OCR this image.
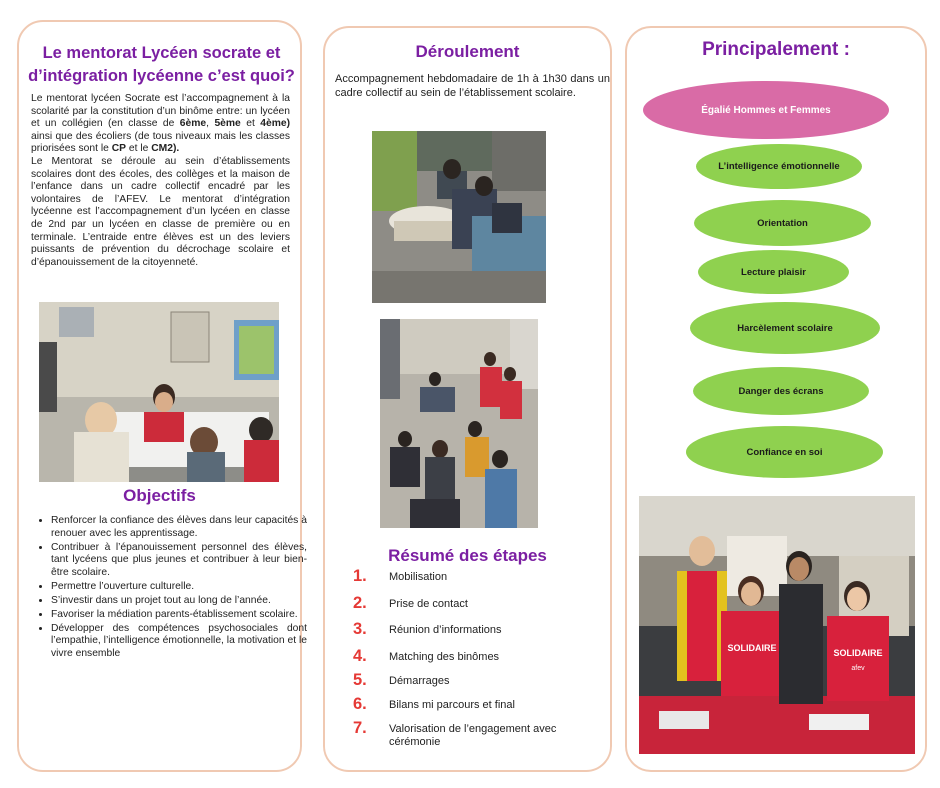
Le mentorat Lycéen socrate et d’intégration lycéenne c’est quoi?

Le mentorat lycéen Socrate est l’accompagnement à la scolarité par la constitution d’un binôme entre: un lycéen et un collégien (en classe de 6ème, 5ème et 4ème) ainsi que des écoliers (de tous niveaux mais les classes priorisées sont le CP et le CM2).
Le Mentorat se déroule au sein d’établissements scolaires dont des écoles, des collèges et la maison de l’enfance dans un cadre collectif encadré par les volontaires de l’AFEV. Le mentorat d’intégration lycéenne est l’accompagnement d’un lycéen en classe de 2nd par un lycéen en classe de première ou en terminale. L’entraide entre élèves est un des leviers puissants de prévention du décrochage scolaire et d’épanouissement de la citoyenneté.

Objectifs
• Renforcer la confiance des élèves dans leur capacités à renouer avec les apprentissage.
• Contribuer à l’épanouissement personnel des élèves, tant lycéens que plus jeunes et contribuer à leur bien-être scolaire.
• Permettre l’ouverture culturelle.
• S’investir dans un projet tout au long de l’année.
• Favoriser la médiation parents-établissement scolaire.
• Développer des compétences psychosociales dont l’empathie, l’intelligence émotionnelle, la motivation et le vivre ensemble
Déroulement

Accompagnement hebdomadaire de 1h à 1h30 dans un cadre collectif au sein de l’établissement scolaire.

Résumé des étapes
1.	Mobilisation
2.	Prise de contact
3.	Réunion d’informations
4.	Matching des binômes
5.	Démarrages
6.	Bilans mi parcours et final
7.	Valorisation de l’engagement avec cérémonie
Principalement :
Égalié Hommes et Femmes
L’intelligence émotionnelle
Orientation
Lecture plaisir
Harcèlement scolaire
Danger des écrans
Confiance en soi
SOLIDAIRE	SOLIDAIRE
afev
